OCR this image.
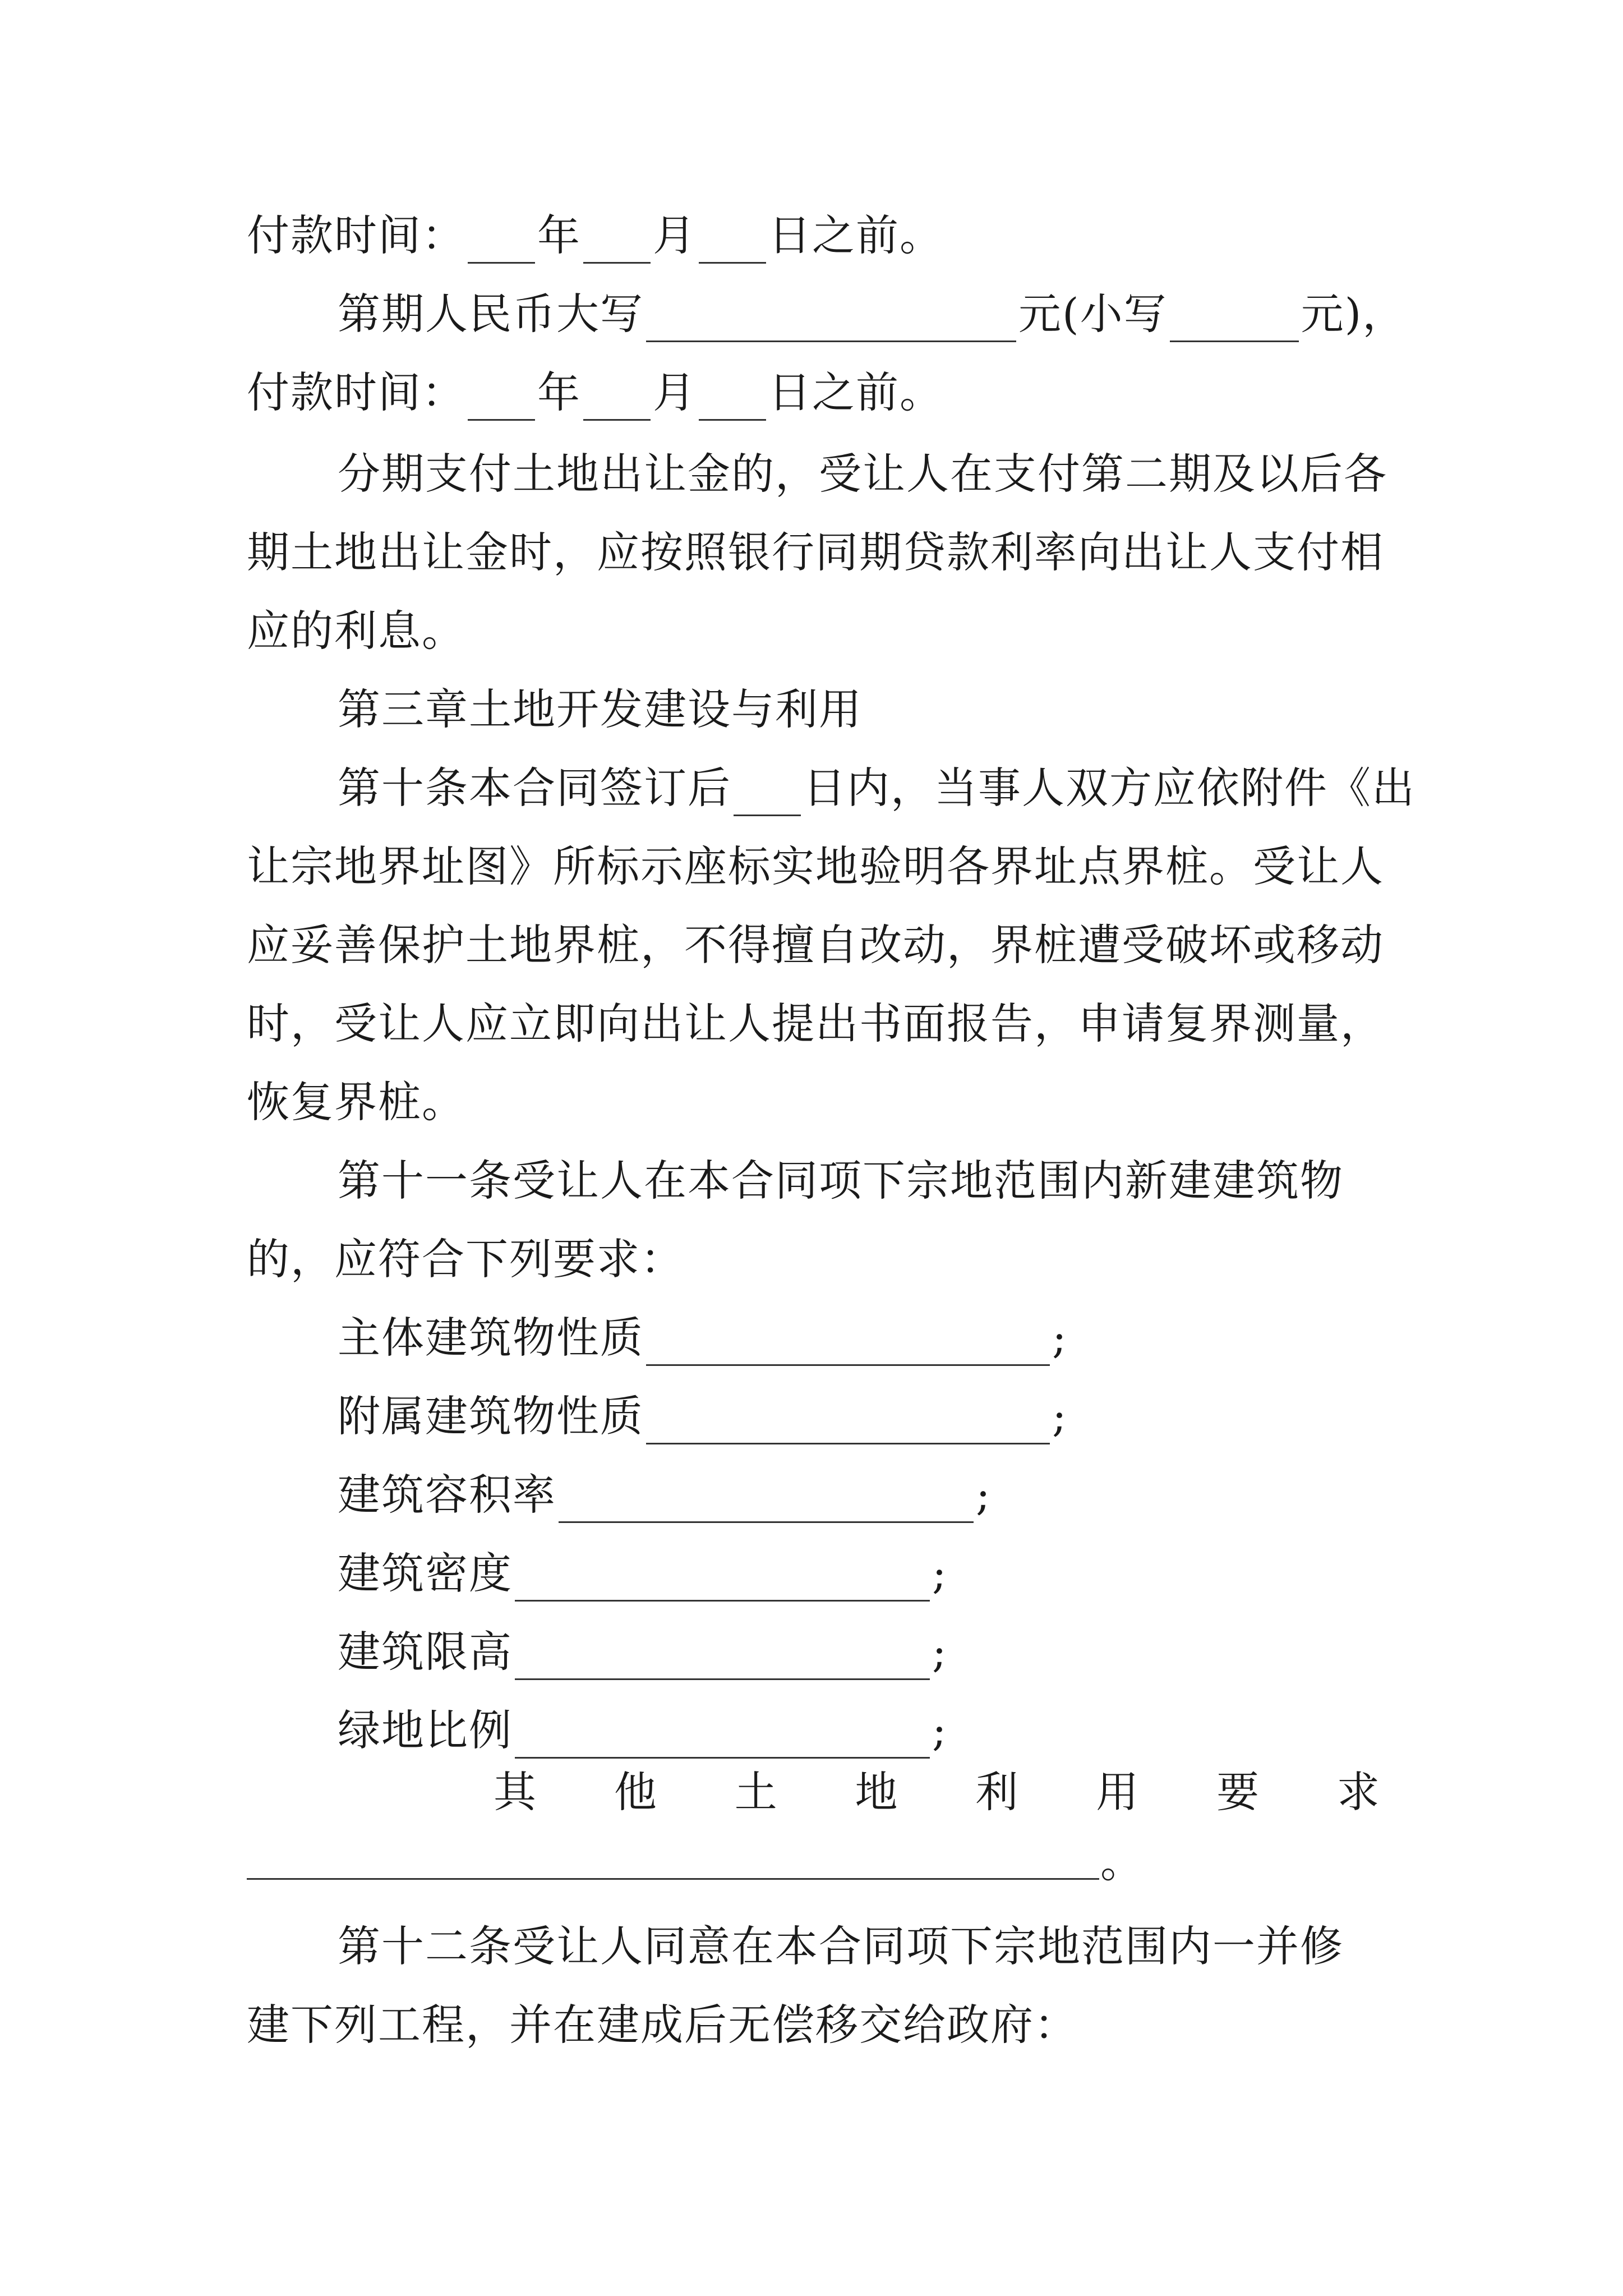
付款时间： 年 月 日之前。
第期人民币大写	元(小写	元)，
付款时间： 年 月 日之前。
分期支付土地出让金的，受让人在支付第二期及以后各
期土地出让金时，应按照银行同期贷款利率向出让人支付相
应的利息。
第三章土地开发建设与利用
第十条本合同签订后 日内，当事人双方应依附件《出
让宗地界址图》所标示座标实地验明各界址点界桩。受让人
应妥善保护土地界桩，不得擅自改动，界桩遭受破坏或移动
时，受让人应立即向出让人提出书面报告，申请复界测量，
恢复界桩。
第十一条受让人在本合同项下宗地范围内新建建筑物
的，应符合下列要求：
主体建筑物性质	;
附属建筑物性质	;
建筑容积率	;
建筑密度	;
建筑限高	;
绿地比例	;
其 他 土 地 利 用 要 求
。
第十二条受让人同意在本合同项下宗地范围内一并修
建下列工程，并在建成后无偿移交给政府：
